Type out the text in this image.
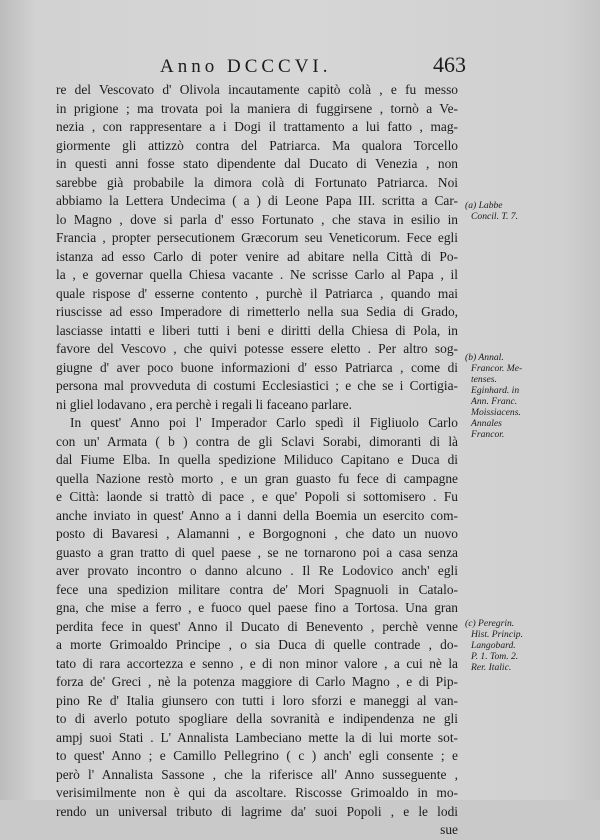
Anno DCCCVI.	463
re del Vescovato d' Olivola incautamente capitò colà , e fu messo
in prigione ; ma trovata poi la maniera di fuggirsene , tornò a Ve-
nezia , con rappresentare a i Dogi il trattamento a lui fatto , mag-
giormente gli attizzò contra del Patriarca. Ma qualora Torcello
in questi anni fosse stato dipendente dal Ducato di Venezia , non
sarebbe già probabile la dimora colà di Fortunato Patriarca. Noi
abbiamo la Lettera Undecima ( a ) di Leone Papa III. scritta a Car-
lo Magno , dove si parla d' esso Fortunato , che stava in esilio in
Francia , propter persecutionem Græcorum seu Veneticorum. Fece egli
istanza ad esso Carlo di poter venire ad abitare nella Città di Po-
la , e governar quella Chiesa vacante . Ne scrisse Carlo al Papa , il
quale rispose d' esserne contento , purchè il Patriarca , quando mai
riuscisse ad esso Imperadore di rimetterlo nella sua Sedia di Grado,
lasciasse intatti e liberi tutti i beni e diritti della Chiesa di Pola, in
favore del Vescovo , che quivi potesse essere eletto . Per altro sog-
giugne d' aver poco buone informazioni d' esso Patriarca , come di
persona mal provveduta di costumi Ecclesiastici ; e che se i Cortigia-
ni gliel lodavano , era perchè i regali li faceano parlare.
In quest' Anno poi l' Imperador Carlo spedì il Figliuolo Carlo
con un' Armata ( b ) contra de gli Sclavi Sorabi, dimoranti di là
dal Fiume Elba. In quella spedizione Miliduco Capitano e Duca di
quella Nazione restò morto , e un gran guasto fu fece di campagne
e Città: laonde si trattò di pace , e que' Popoli si sottomisero . Fu
anche inviato in quest' Anno a i danni della Boemia un esercito com-
posto di Bavaresi , Alamanni , e Borgognoni , che dato un nuovo
guasto a gran tratto di quel paese , se ne tornarono poi a casa senza
aver provato incontro o danno alcuno . Il Re Lodovico anch' egli
fece una spedizion militare contra de' Mori Spagnuoli in Catalo-
gna, che mise a ferro , e fuoco quel paese fino a Tortosa. Una gran
perdita fece in quest' Anno il Ducato di Benevento , perchè venne
a morte Grimoaldo Principe , o sia Duca di quelle contrade , do-
tato di rara accortezza e senno , e di non minor valore , a cui nè la
forza de' Greci , nè la potenza maggiore di Carlo Magno , e di Pip-
pino Re d' Italia giunsero con tutti i loro sforzi e maneggi al van-
to di averlo potuto spogliare della sovranità e indipendenza ne gli
ampj suoi Stati . L' Annalista Lambeciano mette la di lui morte sot-
to quest' Anno ; e Camillo Pellegrino ( c ) anch' egli consente ; e
però l' Annalista Sassone , che la riferisce all' Anno susseguente ,
verisimilmente non è qui da ascoltare. Riscosse Grimoaldo in mo-
rendo un universal tributo di lagrime da' suoi Popoli , e le lodi
sue
(a) Labbe
Concil. T. 7.
(b) Annal.
Francor. Me-
tenses.
Eginhard. in
Ann. Franc.
Moissiacens.
Annales
Francor.
(c) Peregrin.
Hist. Princip.
Langobard.
P. 1. Tom. 2.
Rer. Italic.
